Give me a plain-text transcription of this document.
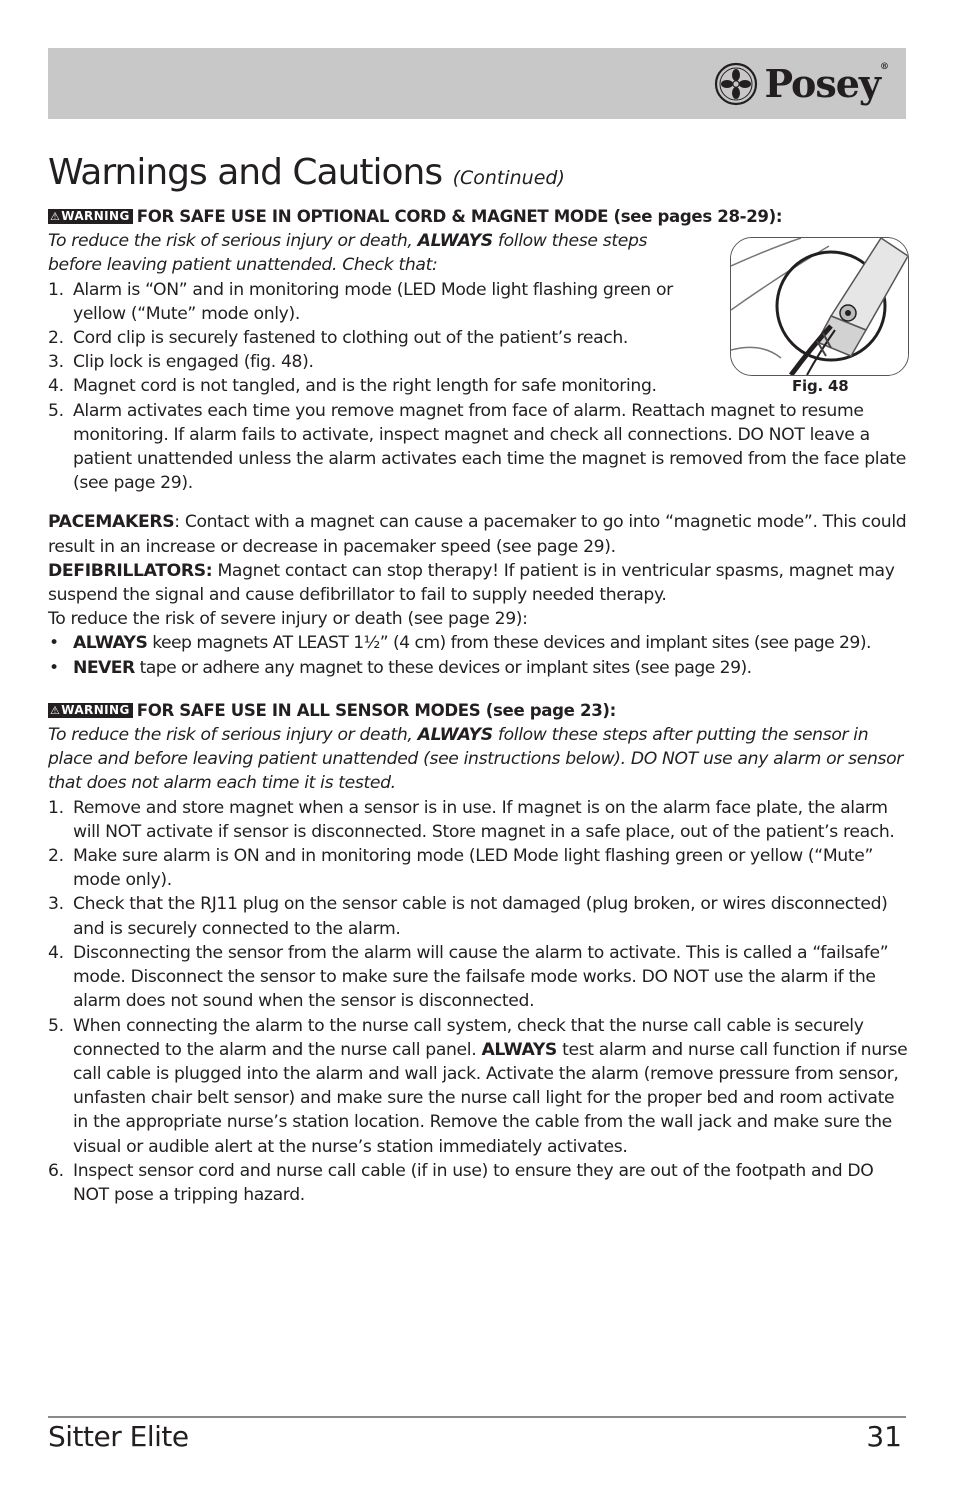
Posey®
Warnings and Cautions (Continued)
Fig. 48

⚠WARNING FOR SAFE USE IN OPTIONAL CORD & MAGNET MODE (see pages 28-29):

To reduce the risk of serious injury or death, ALWAYS follow these steps before leaving patient unattended. Check that:

1. Alarm is “ON” and in monitoring mode (LED Mode light flashing green or yellow (“Mute” mode only).
2. Cord clip is securely fastened to clothing out of the patient’s reach.
3. Clip lock is engaged (fig. 48).
4. Magnet cord is not tangled, and is the right length for safe monitoring.
5. Alarm activates each time you remove magnet from face of alarm. Reattach magnet to resume monitoring. If alarm fails to activate, inspect magnet and check all connections. DO NOT leave a patient unattended unless the alarm activates each time the magnet is removed from the face plate (see page 29).

PACEMAKERS: Contact with a magnet can cause a pacemaker to go into “magnetic mode”. This could result in an increase or decrease in pacemaker speed (see page 29).

DEFIBRILLATORS: Magnet contact can stop therapy! If patient is in ventricular spasms, magnet may suspend the signal and cause defibrillator to fail to supply needed therapy.

To reduce the risk of severe injury or death (see page 29):

• ALWAYS keep magnets AT LEAST 1½” (4 cm) from these devices and implant sites (see page 29).
• NEVER tape or adhere any magnet to these devices or implant sites (see page 29).

⚠WARNING FOR SAFE USE IN ALL SENSOR MODES (see page 23):

To reduce the risk of serious injury or death, ALWAYS follow these steps after putting the sensor in place and before leaving patient unattended (see instructions below). DO NOT use any alarm or sensor that does not alarm each time it is tested.

1. Remove and store magnet when a sensor is in use. If magnet is on the alarm face plate, the alarm will NOT activate if sensor is disconnected. Store magnet in a safe place, out of the patient’s reach.
2. Make sure alarm is ON and in monitoring mode (LED Mode light flashing green or yellow (“Mute” mode only).
3. Check that the RJ11 plug on the sensor cable is not damaged (plug broken, or wires disconnected) and is securely connected to the alarm.
4. Disconnecting the sensor from the alarm will cause the alarm to activate. This is called a “failsafe” mode. Disconnect the sensor to make sure the failsafe mode works. DO NOT use the alarm if the alarm does not sound when the sensor is disconnected.
5. When connecting the alarm to the nurse call system, check that the nurse call cable is securely connected to the alarm and the nurse call panel. ALWAYS test alarm and nurse call function if nurse call cable is plugged into the alarm and wall jack. Activate the alarm (remove pressure from sensor, unfasten chair belt sensor) and make sure the nurse call light for the proper bed and room activate in the appropriate nurse’s station location. Remove the cable from the wall jack and make sure the visual or audible alert at the nurse’s station immediately activates.
6. Inspect sensor cord and nurse call cable (if in use) to ensure they are out of the footpath and DO NOT pose a tripping hazard.
Sitter Elite	31
